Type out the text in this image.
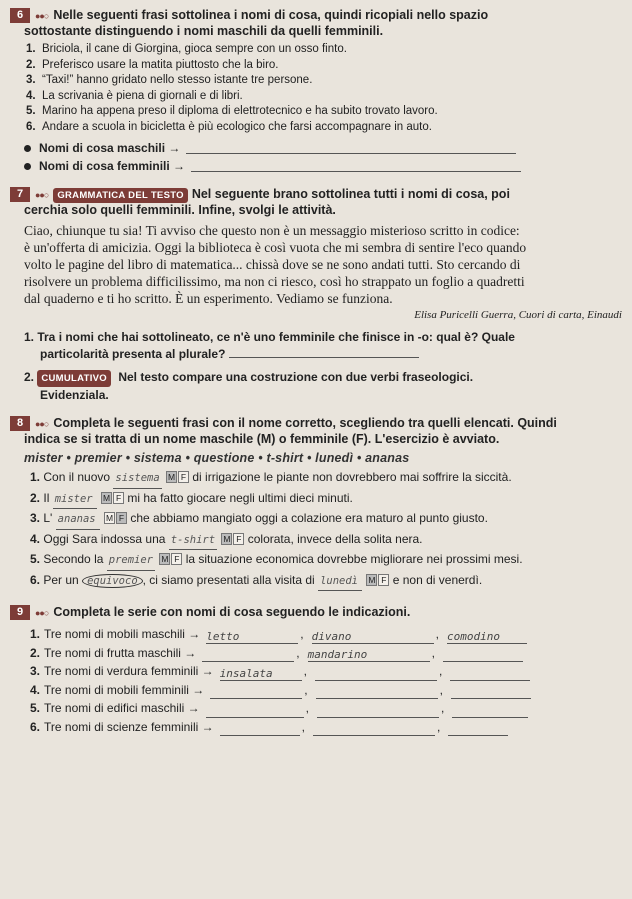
6	●●○ Nelle seguenti frasi sottolinea i nomi di cosa, quindi ricopiali nello spazio
sottostante distinguendo i nomi maschili da quelli femminili.
1. Briciola, il cane di Giorgina, gioca sempre con un osso finto.
2. Preferisco usare la matita piuttosto che la biro.
3. “Taxi!” hanno gridato nello stesso istante tre persone.
4. La scrivania è piena di giornali e di libri.
5. Marino ha appena preso il diploma di elettrotecnico e ha subito trovato lavoro.
6. Andare a scuola in bicicletta è più ecologico che farsi accompagnare in auto.
Nomi di cosa maschili →
Nomi di cosa femminili →
7	●●○ GRAMMATICA DEL TESTO Nel seguente brano sottolinea tutti i nomi di cosa, poi
cerchia solo quelli femminili. Infine, svolgi le attività.
Ciao, chiunque tu sia! Ti avviso che questo non è un messaggio misterioso scritto in codice:
è un'offerta di amicizia. Oggi la biblioteca è così vuota che mi sembra di sentire l'eco quando
volto le pagine del libro di matematica... chissà dove se ne sono andati tutti. Sto cercando di
risolvere un problema difficilissimo, ma non ci riesco, così ho strappato un foglio a quadretti
dal quaderno e ti ho scritto. È un esperimento. Vediamo se funziona.
Elisa Puricelli Guerra, Cuori di carta, Einaudi
1. Tra i nomi che hai sottolineato, ce n'è uno femminile che finisce in -o: qual è? Quale
particolarità presenta al plurale?
2. CUMULATIVO Nel testo compare una costruzione con due verbi fraseologici.
Evidenziala.
8	●●○ Completa le seguenti frasi con il nome corretto, scegliendo tra quelli elencati. Quindi
indica se si tratta di un nome maschile (M) o femminile (F). L'esercizio è avviato.
mister • premier • sistema • questione • t-shirt • lunedì • ananas
1. Con il nuovo sistema M F di irrigazione le piante non dovrebbero mai soffrire la siccità.
2. Il mister M F mi ha fatto giocare negli ultimi dieci minuti.
3. L' ananas M F che abbiamo mangiato oggi a colazione era maturo al punto giusto.
4. Oggi Sara indossa una t-shirt M F colorata, invece della solita nera.
5. Secondo la premier M F la situazione economica dovrebbe migliorare nei prossimi mesi.
6. Per un equivoco , ci siamo presentati alla visita di lunedì M F e non di venerdì.
9	●●○ Completa le serie con nomi di cosa seguendo le indicazioni.
1. Tre nomi di mobili maschili → letto	, divano	, comodino
2. Tre nomi di frutta maschili →	, mandarino	,
3. Tre nomi di verdura femminili → insalata	,	,
4. Tre nomi di mobili femminili →	,	,
5. Tre nomi di edifici maschili →	,	,
6. Tre nomi di scienze femminili →	,	,
